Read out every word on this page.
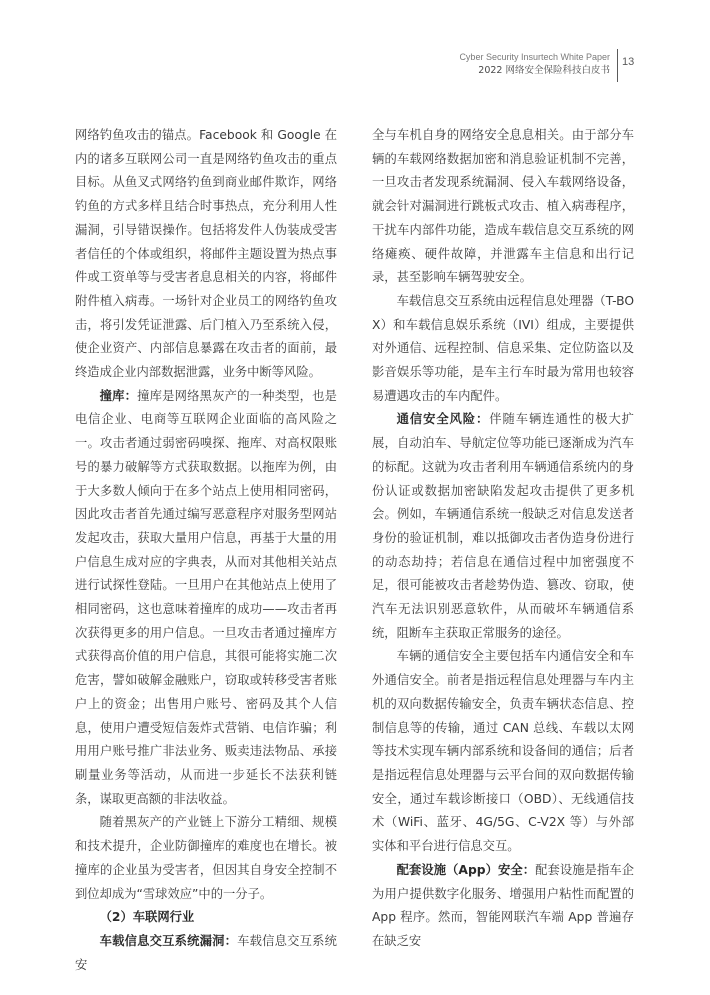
Cyber Security Insurtech White Paper
2022 网络安全保险科技白皮书
13

网络钓鱼攻击的锚点。Facebook 和 Google 在内的诸多互联网公司一直是网络钓鱼攻击的重点目标。从鱼叉式网络钓鱼到商业邮件欺诈，网络钓鱼的方式多样且结合时事热点，充分利用人性漏洞，引导错误操作。包括将发件人伪装成受害者信任的个体或组织，将邮件主题设置为热点事件或工资单等与受害者息息相关的内容，将邮件附件植入病毒。一场针对企业员工的网络钓鱼攻击，将引发凭证泄露、后门植入乃至系统入侵，使企业资产、内部信息暴露在攻击者的面前，最终造成企业内部数据泄露，业务中断等风险。

撞库：撞库是网络黑灰产的一种类型，也是电信企业、电商等互联网企业面临的高风险之一。攻击者通过弱密码嗅探、拖库、对高权限账号的暴力破解等方式获取数据。以拖库为例，由于大多数人倾向于在多个站点上使用相同密码，因此攻击者首先通过编写恶意程序对服务型网站发起攻击，获取大量用户信息，再基于大量的用户信息生成对应的字典表，从而对其他相关站点进行试探性登陆。一旦用户在其他站点上使用了相同密码，这也意味着撞库的成功——攻击者再次获得更多的用户信息。一旦攻击者通过撞库方式获得高价值的用户信息，其很可能将实施二次危害，譬如破解金融账户，窃取或转移受害者账户上的资金；出售用户账号、密码及其个人信息，使用户遭受短信轰炸式营销、电信诈骗；利用用户账号推广非法业务、贩卖违法物品、承接刷量业务等活动，从而进一步延长不法获利链条，谋取更高额的非法收益。

随着黑灰产的产业链上下游分工精细、规模和技术提升，企业防御撞库的难度也在增长。被撞库的企业虽为受害者，但因其自身安全控制不到位却成为“雪球效应”中的一分子。

（2）车联网行业

车载信息交互系统漏洞：车载信息交互系统安

全与车机自身的网络安全息息相关。由于部分车辆的车载网络数据加密和消息验证机制不完善，一旦攻击者发现系统漏洞、侵入车载网络设备，就会针对漏洞进行跳板式攻击、植入病毒程序，干扰车内部件功能，造成车载信息交互系统的网络瘫痪、硬件故障，并泄露车主信息和出行记录，甚至影响车辆驾驶安全。

车载信息交互系统由远程信息处理器（T-BOX）和车载信息娱乐系统（IVI）组成，主要提供对外通信、远程控制、信息采集、定位防盗以及影音娱乐等功能，是车主行车时最为常用也较容易遭遇攻击的车内配件。

通信安全风险：伴随车辆连通性的极大扩展，自动泊车、导航定位等功能已逐渐成为汽车的标配。这就为攻击者利用车辆通信系统内的身份认证或数据加密缺陷发起攻击提供了更多机会。例如，车辆通信系统一般缺乏对信息发送者身份的验证机制，难以抵御攻击者伪造身份进行的动态劫持；若信息在通信过程中加密强度不足，很可能被攻击者趁势伪造、篡改、窃取，使汽车无法识别恶意软件，从而破坏车辆通信系统，阻断车主获取正常服务的途径。

车辆的通信安全主要包括车内通信安全和车外通信安全。前者是指远程信息处理器与车内主机的双向数据传输安全，负责车辆状态信息、控制信息等的传输，通过 CAN 总线、车载以太网等技术实现车辆内部系统和设备间的通信；后者是指远程信息处理器与云平台间的双向数据传输安全，通过车载诊断接口（OBD）、无线通信技术（WiFi、蓝牙、4G/5G、C-V2X 等）与外部实体和平台进行信息交互。

配套设施（App）安全：配套设施是指车企为用户提供数字化服务、增强用户粘性而配置的 App 程序。然而，智能网联汽车端 App 普遍存在缺乏安
